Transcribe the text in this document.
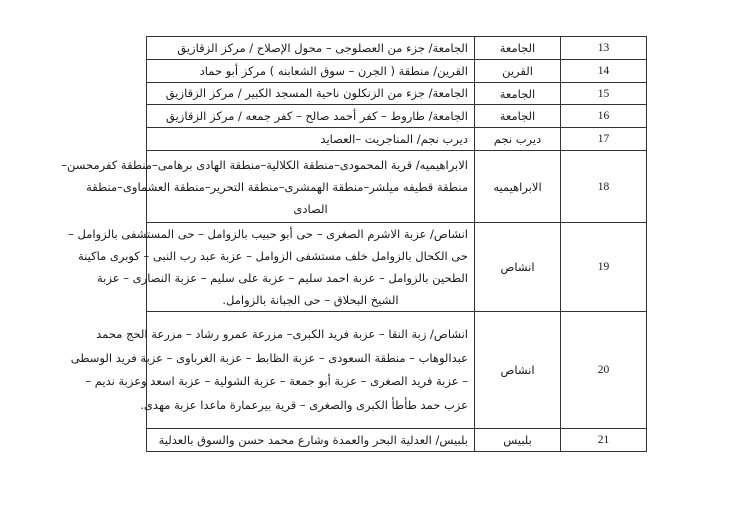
13	الجامعة	الجامعة/ جزء من العصلوجى – محول الإصلاح / مركز الزقازيق
14	القرين	القرين/ منطقة ( الجرن – سوق الشعابنه ) مركز أبو حماد
15	الجامعة	الجامعة/ جزء من الزنكلون ناحية المسجد الكبير / مركز الزقازيق
16	الجامعة	الجامعة/ طاروط – كفر أحمد صالح – كفر جمعه / مركز الزقازيق
17	ديرب نجم	ديرب نجم/ المناجريت –العصايد
18	الابراهيميه	الابراهيميه/ قرية المحمودى–منطقة الكلالية–منطقة الهادى برهامى–منطقة كفرمحسن–
منطقة قطيفه ميلشر–منطقة الهمشرى–منطقة التحرير–منطقة العشماوى–منطقة
الصادى

19	انشاص	انشاص/ عزبة الاشرم الصغرى – حى أبو حبيب بالزوامل – حى المستشفى بالزوامل –
حى الكحال بالزوامل خلف مستشفى الزوامل – عزبة عبد رب النبى – كوبرى ماكينة
الطحين بالزوامل – عزبة احمد سليم – عزبة على سليم – عزبة النصارى – عزبة
الشيخ البحلاق – حى الجبانة بالزوامل.

20	انشاص	انشاص/ زبة النقا – عزبة فريد الكبرى– مزرعة عمرو رشاد – مزرعة الحج محمد
عبدالوهاب – منطقة السعودى – عزبة الظابط – عزبة الغرباوى – عزبة فريد الوسطى
– عزبة فريد الصغرى – عزبة أبو جمعة – عزبة الشولية – عزبة اسعد وعزبة نديم –
عزب حمد طأطأ الكبرى والصغرى – قرية بيرعمارة ماعدا عزبة مهدى.

21	بلبيس	بلبيس/ العدلية البحر والعمدة وشارع محمد حسن والسوق بالعدلية
